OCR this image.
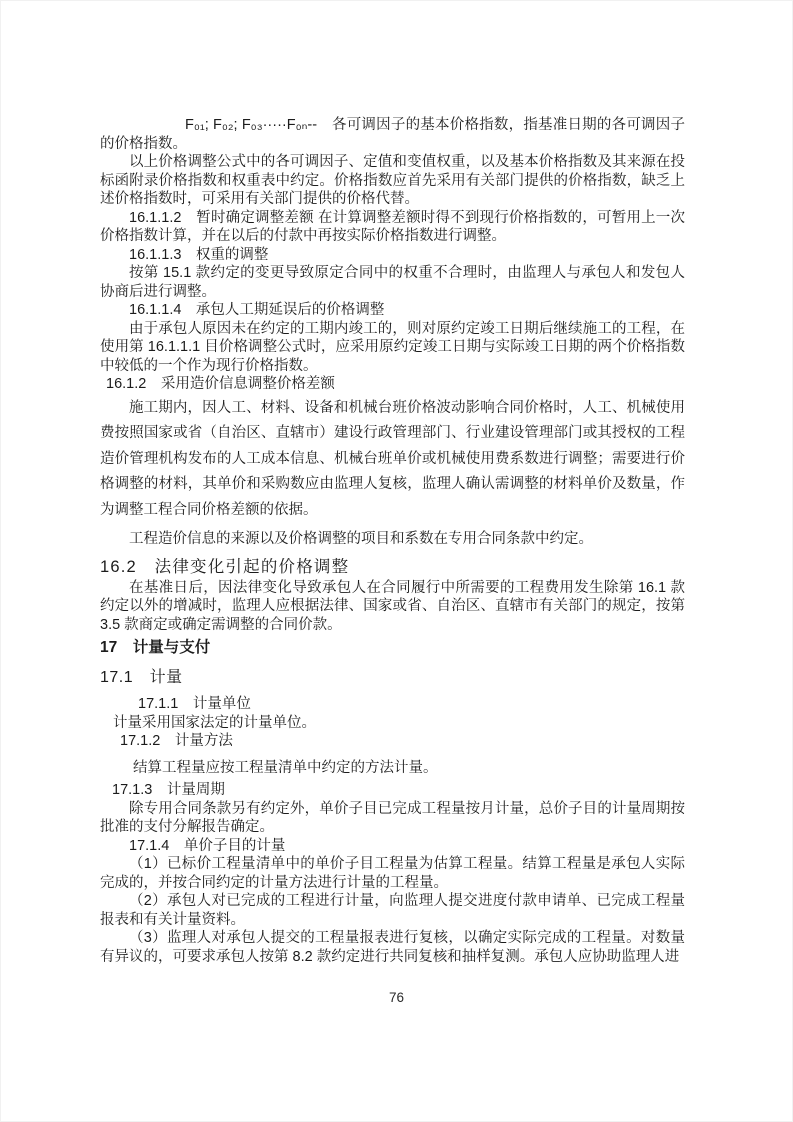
F₀₁; F₀₂; F₀₃·····F₀ₙ--　各可调因子的基本价格指数，指基准日期的各可调因子的价格指数。

以上价格调整公式中的各可调因子、定值和变值权重，以及基本价格指数及其来源在投标函附录价格指数和权重表中约定。价格指数应首先采用有关部门提供的价格指数，缺乏上述价格指数时，可采用有关部门提供的价格代替。

16.1.1.2　暂时确定调整差额 在计算调整差额时得不到现行价格指数的，可暂用上一次价格指数计算，并在以后的付款中再按实际价格指数进行调整。

16.1.1.3　权重的调整

按第 15.1 款约定的变更导致原定合同中的权重不合理时，由监理人与承包人和发包人协商后进行调整。

16.1.1.4　承包人工期延误后的价格调整

由于承包人原因未在约定的工期内竣工的，则对原约定竣工日期后继续施工的工程，在使用第 16.1.1.1 目价格调整公式时，应采用原约定竣工日期与实际竣工日期的两个价格指数中较低的一个作为现行价格指数。

16.1.2　采用造价信息调整价格差额

施工期内，因人工、材料、设备和机械台班价格波动影响合同价格时，人工、机械使用费按照国家或省（自治区、直辖市）建设行政管理部门、行业建设管理部门或其授权的工程造价管理机构发布的人工成本信息、机械台班单价或机械使用费系数进行调整；需要进行价格调整的材料，其单价和采购数应由监理人复核，监理人确认需调整的材料单价及数量，作为调整工程合同价格差额的依据。

工程造价信息的来源以及价格调整的项目和系数在专用合同条款中约定。

16.2　法律变化引起的价格调整

在基准日后，因法律变化导致承包人在合同履行中所需要的工程费用发生除第 16.1 款约定以外的增减时，监理人应根据法律、国家或省、自治区、直辖市有关部门的规定，按第 3.5 款商定或确定需调整的合同价款。

17　计量与支付
17.1　计量
17.1.1　计量单位

计量采用国家法定的计量单位。

17.1.2　计量方法

结算工程量应按工程量清单中约定的方法计量。

17.1.3　计量周期

除专用合同条款另有约定外，单价子目已完成工程量按月计量，总价子目的计量周期按批准的支付分解报告确定。

17.1.4　单价子目的计量

（1）已标价工程量清单中的单价子目工程量为估算工程量。结算工程量是承包人实际完成的，并按合同约定的计量方法进行计量的工程量。

（2）承包人对已完成的工程进行计量，向监理人提交进度付款申请单、已完成工程量报表和有关计量资料。

（3）监理人对承包人提交的工程量报表进行复核，以确定实际完成的工程量。对数量有异议的，可要求承包人按第 8.2 款约定进行共同复核和抽样复测。承包人应协助监理人进

76
